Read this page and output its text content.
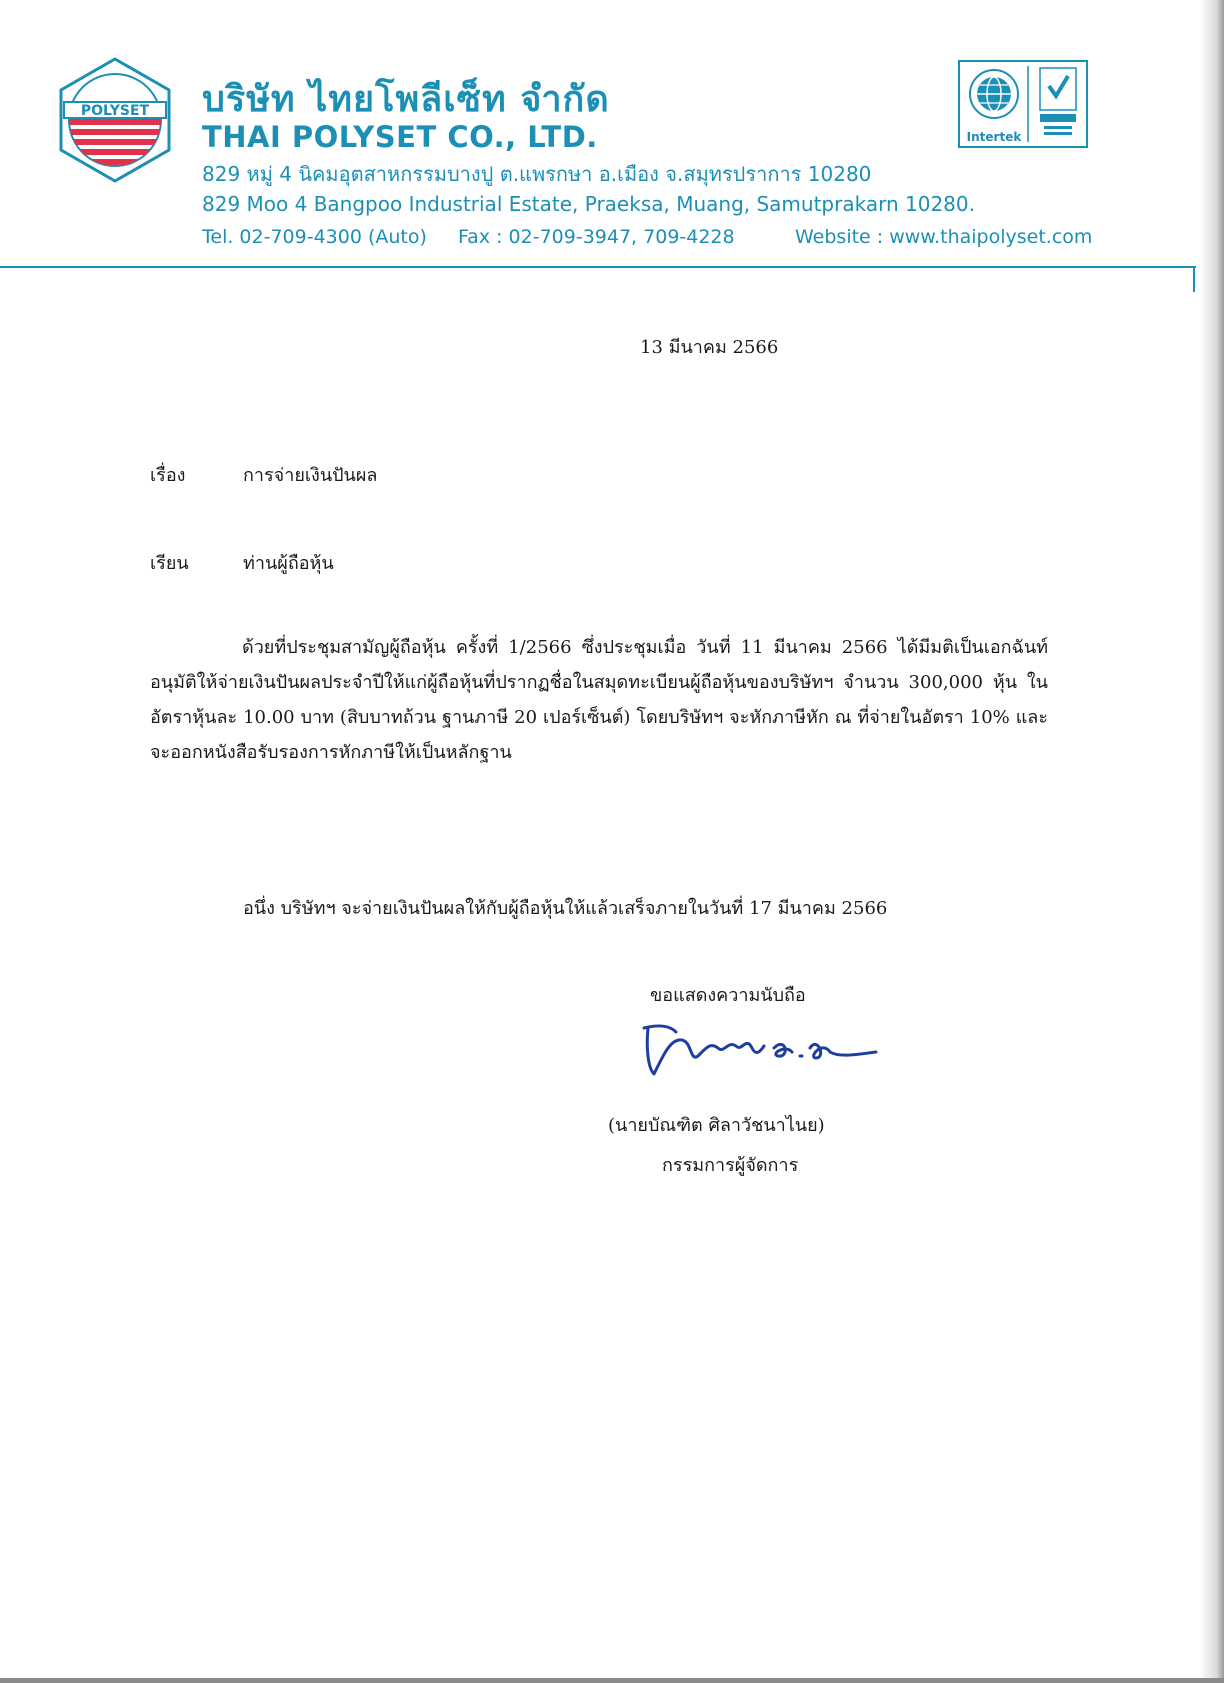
POLYSET	บริษัท ไทยโพลีเซ็ท จำกัด
THAI POLYSET CO., LTD.
829 หมู่ 4 นิคมอุตสาหกรรมบางปู ต.แพรกษา อ.เมือง จ.สมุทรปราการ 10280
829 Moo 4 Bangpoo Industrial Estate, Praeksa, Muang, Samutprakarn 10280.
Tel. 02-709-4300 (Auto) Fax : 02-709-3947, 709-4228	Website : www.thaipolyset.com
Intertek
13 มีนาคม 2566
เรื่อง	การจ่ายเงินปันผล
เรียน	ท่านผู้ถือหุ้น
ด้วยที่ประชุมสามัญผู้ถือหุ้น ครั้งที่ 1/2566 ซึ่งประชุมเมื่อ วันที่ 11 มีนาคม 2566 ได้มีมติเป็นเอกฉันท์อนุมัติให้จ่ายเงินปันผลประจำปีให้แก่ผู้ถือหุ้นที่ปรากฏชื่อในสมุดทะเบียนผู้ถือหุ้นของบริษัทฯ จำนวน 300,000 หุ้น ในอัตราหุ้นละ 10.00 บาท (สิบบาทถ้วน ฐานภาษี 20 เปอร์เซ็นต์) โดยบริษัทฯ จะหักภาษีหัก ณ ที่จ่ายในอัตรา 10% และจะออกหนังสือรับรองการหักภาษีให้เป็นหลักฐาน
อนึ่ง บริษัทฯ จะจ่ายเงินปันผลให้กับผู้ถือหุ้นให้แล้วเสร็จภายในวันที่ 17 มีนาคม 2566
ขอแสดงความนับถือ
(นายบัณฑิต ศิลาวัชนาไนย)
กรรมการผู้จัดการ
